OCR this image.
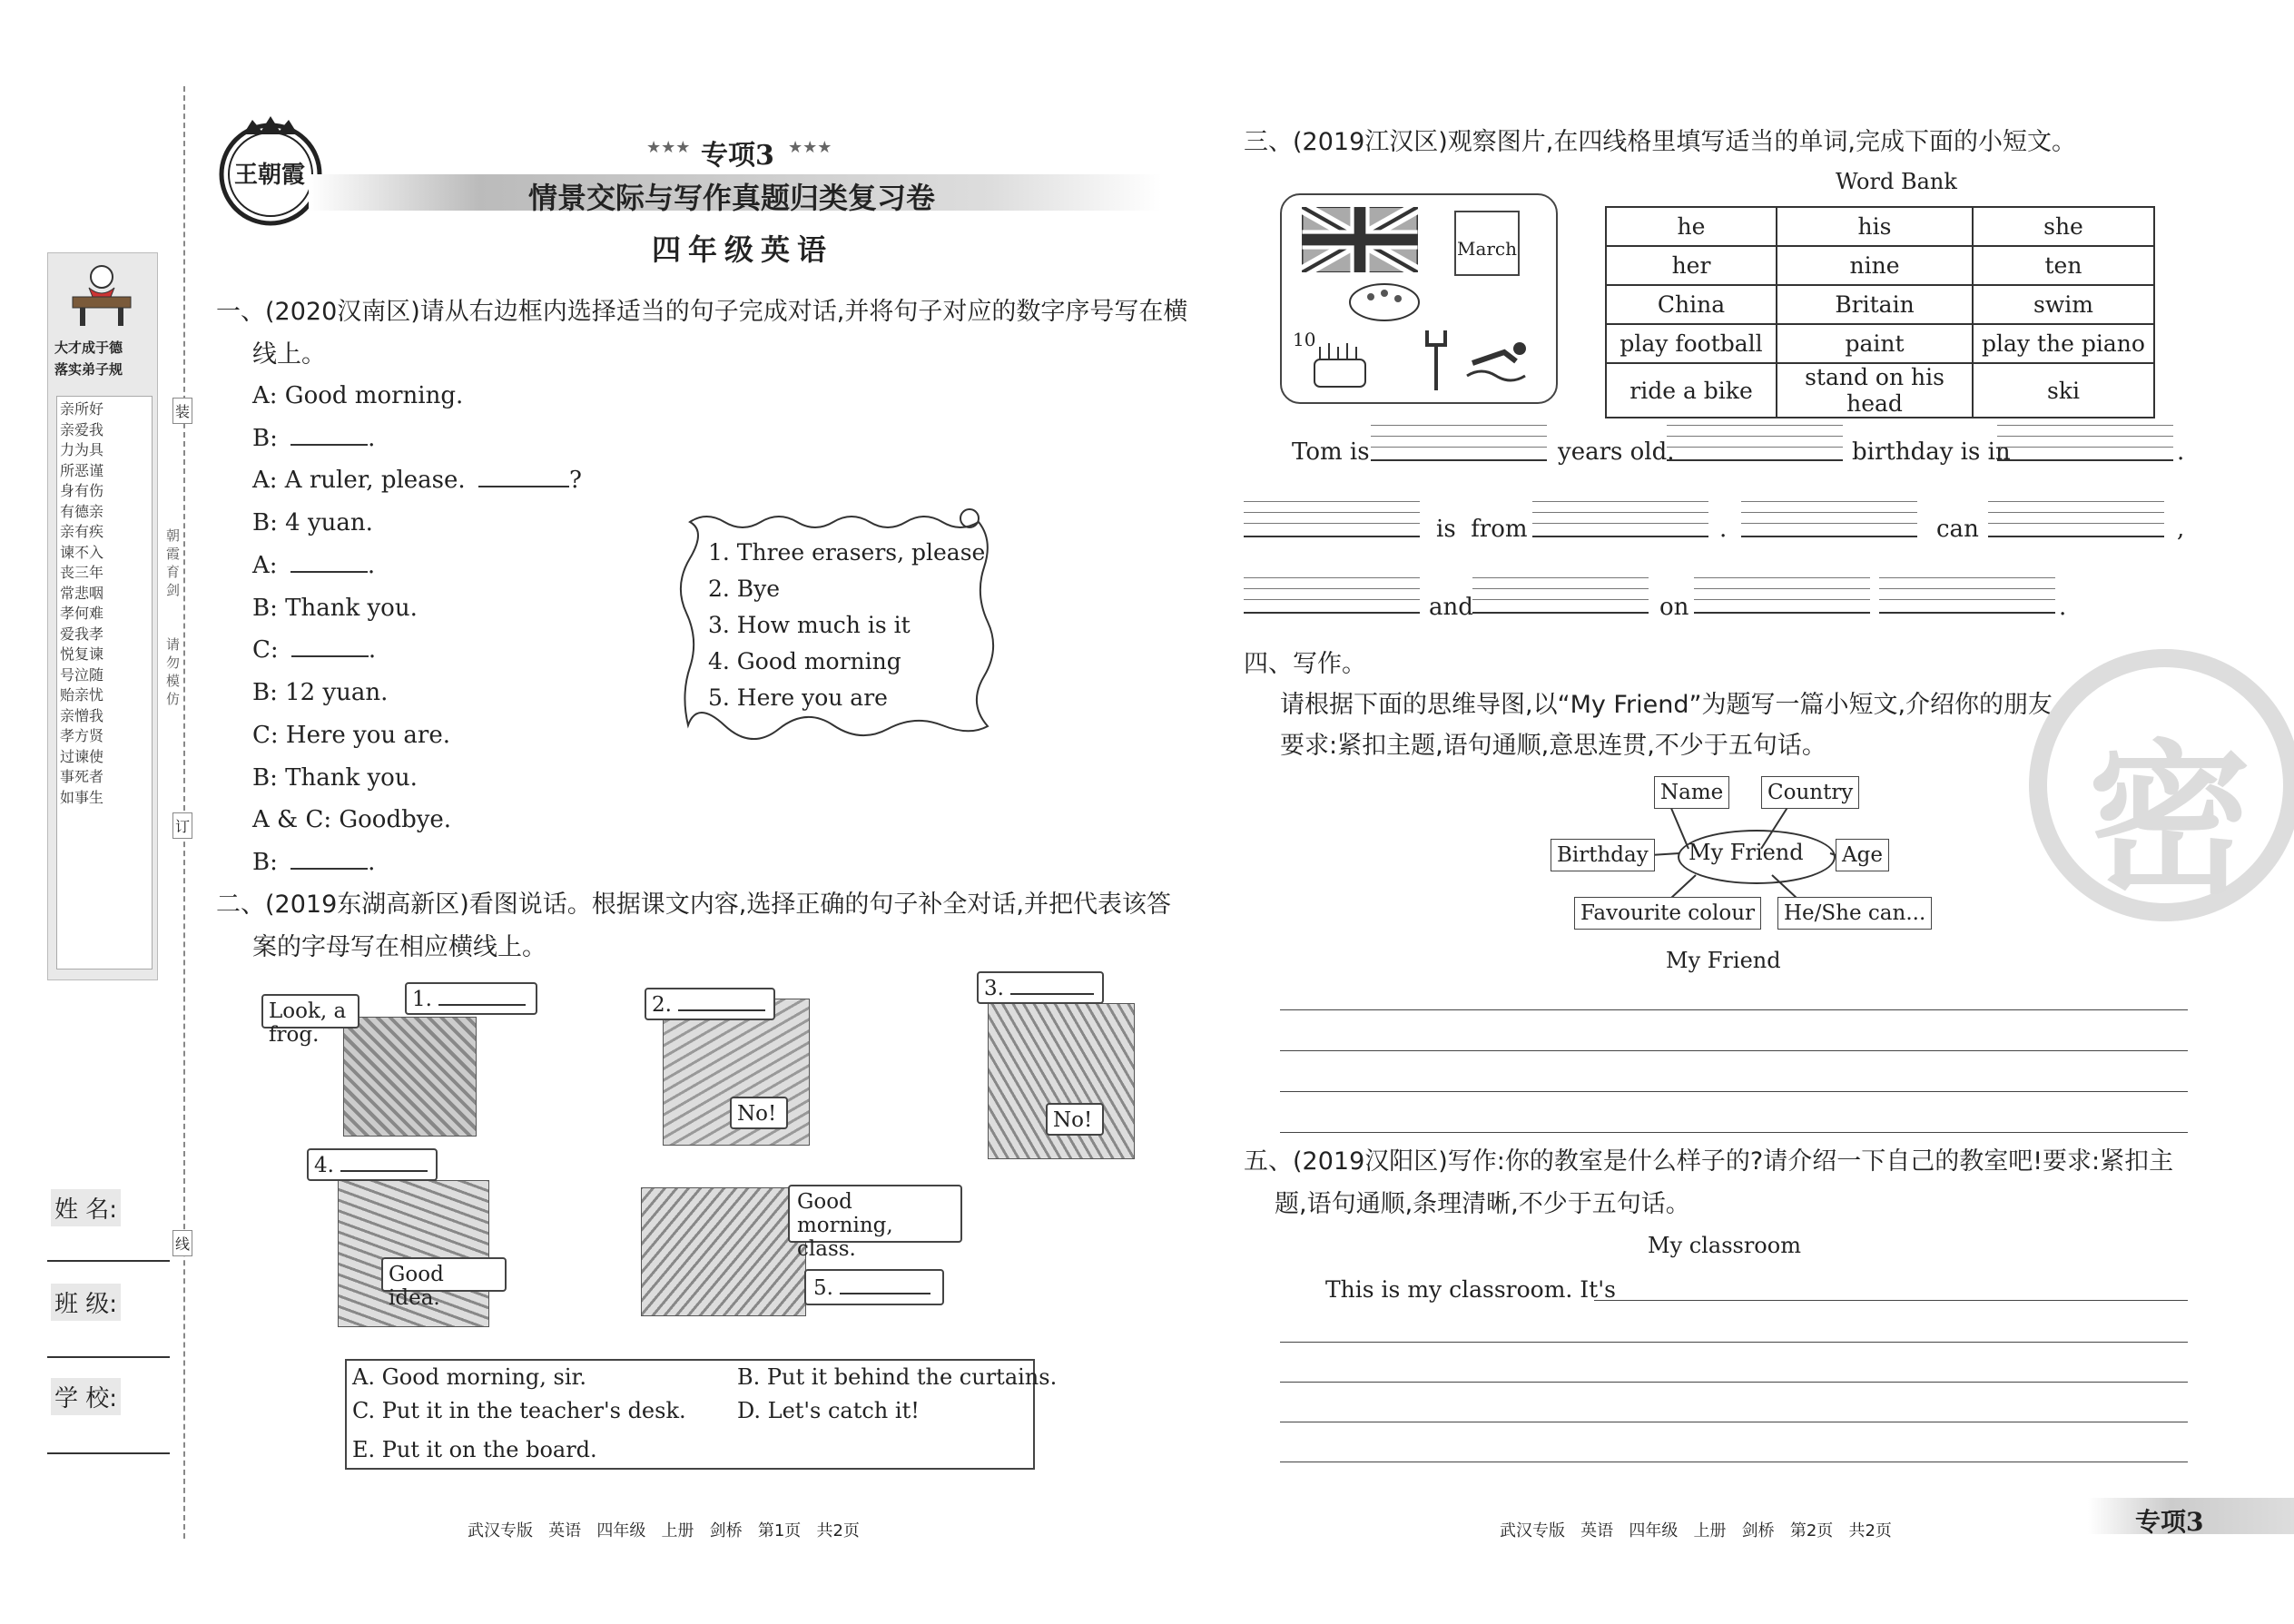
大才成于德
落实弟子规
亲所好
亲爱我
力为具
所恶谨
身有伤
有德亲
亲有疾
谏不入
丧三年
常悲咽
孝何难
爱我孝
悦复谏
号泣随
贻亲忧
亲憎我
孝方贤
过谏使
事死者
如事生
装
订
线
朝霞育剑
请勿模仿
姓 名:
班 级:
学 校:
王朝霞
★★★ 专项3 ★★★
情景交际与写作真题归类复习卷
四年级英语
一、(2020汉南区)请从右边框内选择适当的句子完成对话,并将句子对应的数字序号写在横
线上。
A: Good morning.
B:	.
A: A ruler, please.	?
B: 4 yuan.
A:	.
B: Thank you.
C:	.
B: 12 yuan.
C: Here you are.
B: Thank you.
A & C: Goodbye.
B:	.
1. Three erasers, please
2. Bye
3. How much is it
4. Good morning
5. Here you are
二、(2019东湖高新区)看图说话。根据课文内容,选择正确的句子补全对话,并把代表该答
案的字母写在相应横线上。
Look, a frog.
1.	2.
No!
3.
No!
4.
Good idea.
Good morning,
class.
5.
A. Good morning, sir.	B. Put it behind the curtains.
C. Put it in the teacher's desk. D. Let's catch it!
E. Put it on the board.
武汉专版   英语   四年级   上册   剑桥   第1页   共2页
三、(2019江汉区)观察图片,在四线格里填写适当的单词,完成下面的小短文。
March
10
Word Bank
he	his	she
her	nine	ten
China	Britain	swim
play football	paint	play the piano
ride a bike	stand on his head	ski
Tom is	years old.	birthday is in	.
is  from	.	can	,
and	on	.
四、写作。
请根据下面的思维导图,以“My Friend”为题写一篇小短文,介绍你的朋友。
要求:紧扣主题,语句通顺,意思连贯,不少于五句话。
My Friend
Name	Country
Birthday	Age
Favourite colour	He/She can...
My Friend
五、(2019汉阳区)写作:你的教室是什么样子的?请介绍一下自己的教室吧!要求:紧扣主
题,语句通顺,条理清晰,不少于五句话。
My classroom
This is my classroom. It's
密
武汉专版   英语   四年级   上册   剑桥   第2页   共2页	专项3
